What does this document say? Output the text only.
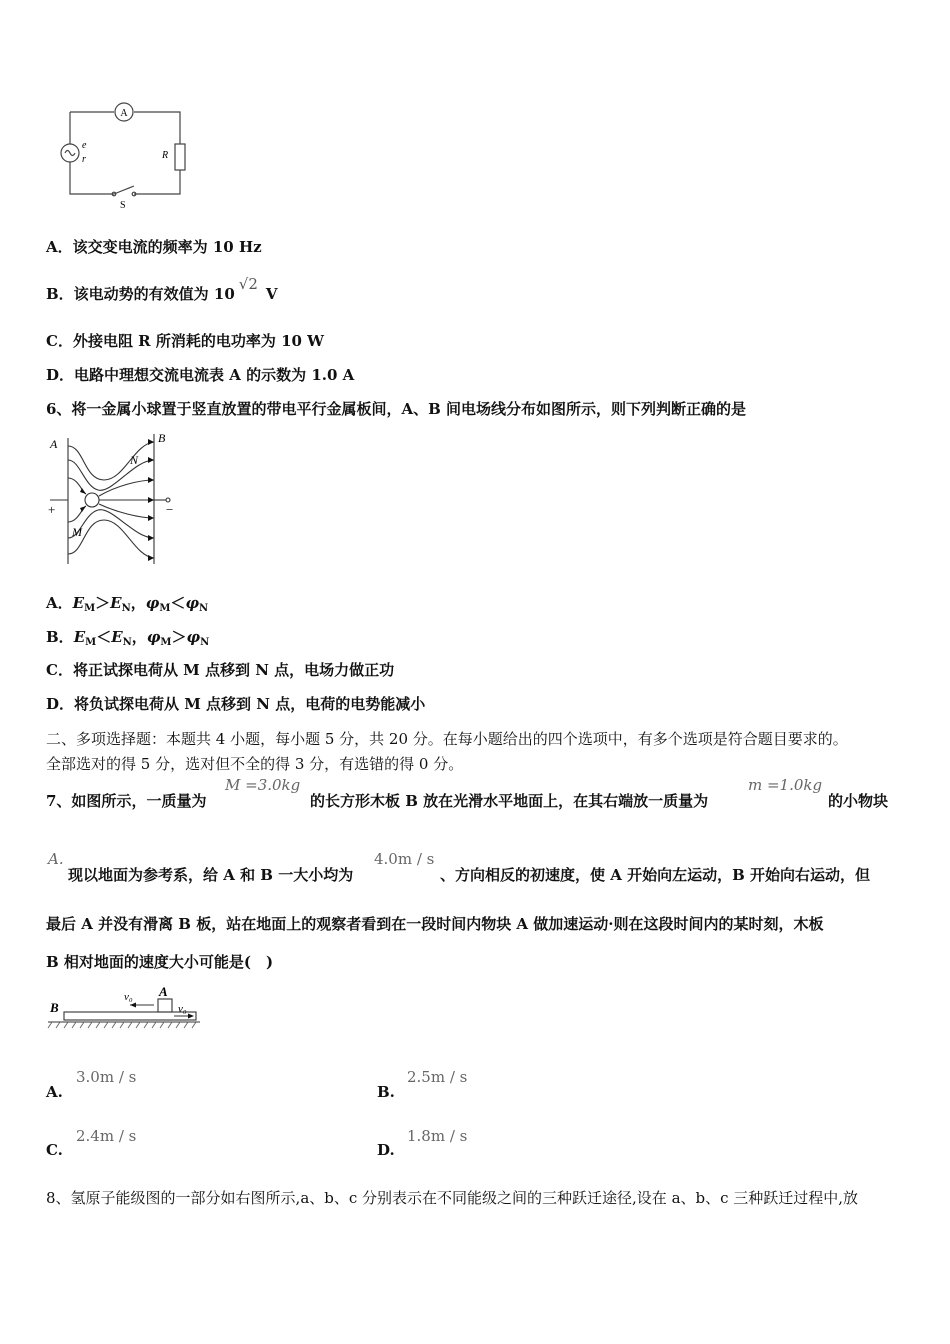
A
e
r	R
S
A．该交变电流的频率为 10 Hz
B．该电动势的有效值为 10√2V
C．外接电阻 R 所消耗的电功率为 10 W
D．电路中理想交流电流表 A 的示数为 1.0 A
6、将一金属小球置于竖直放置的带电平行金属板间，A、B 间电场线分布如图所示，则下列判断正确的是
A	B
N
M
+	−
A．$E_M>E_N$，$\varphi_M<\varphi_N$
B．$E_M<E_N$，$\varphi_M>\varphi_N$
C．将正试探电荷从 M 点移到 N 点，电场力做正功
D．将负试探电荷从 M 点移到 N 点，电荷的电势能减小
二、多项选择题：本题共 4 小题，每小题 5 分，共 20 分。在每小题给出的四个选项中，有多个选项是符合题目要求的。
全部选对的得 5 分，选对但不全的得 3 分，有选错的得 0 分。
7、如图所示，一质量为
M =3.0kg
的长方形木板 B 放在光滑水平地面上，在其右端放一质量为
m =1.0kg
的小物块
A.
现以地面为参考系，给 A 和 B 一大小均为
4.0m / s
、方向相反的初速度，使 A 开始向左运动，B 开始向右运动，但
最后 A 并没有滑离 B 板，站在地面上的观察者看到在一段时间内物块 A 做加速运动·则在这段时间内的某时刻，木板
B 相对地面的速度大小可能是(　)
B
v₀ A
v₀
A.
3.0m / s
B.
2.5m / s
C.
2.4m / s
D.
1.8m / s
8、氢原子能级图的一部分如右图所示,a、b、c 分别表示在不同能级之间的三种跃迁途径,设在 a、b、c 三种跃迁过程中,放
